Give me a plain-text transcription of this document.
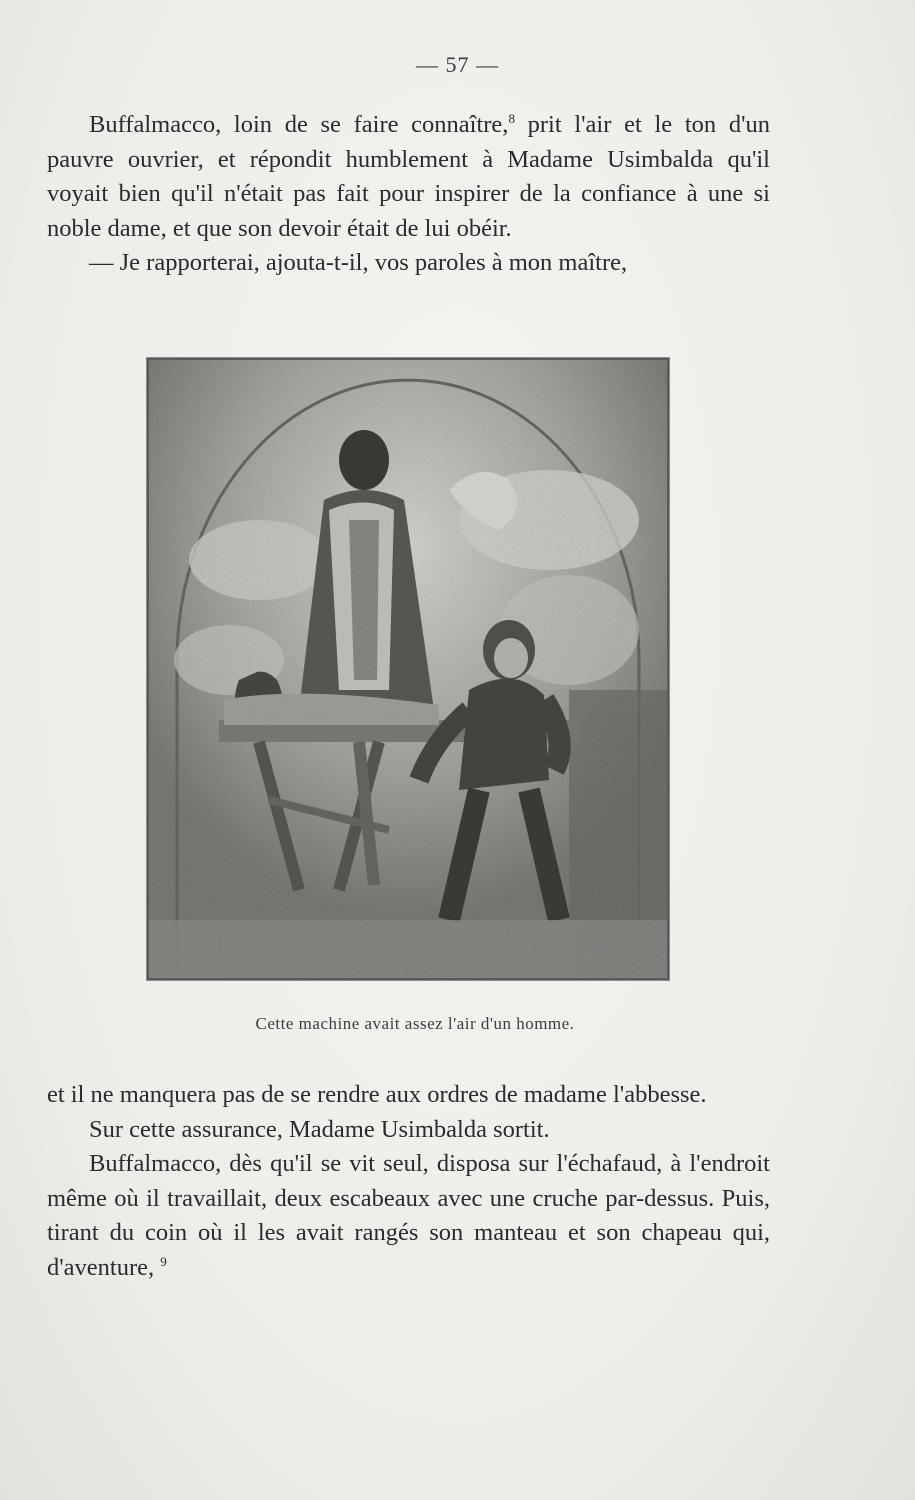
— 57 —

Buffalmacco, loin de se faire connaître,$^8$ prit l'air et le ton d'un pauvre ouvrier, et répondit humblement à Madame Usimbalda qu'il voyait bien qu'il n'était pas fait pour inspirer de la confiance à une si noble dame, et que son devoir était de lui obéir.

— Je rapporterai, ajouta-t-il, vos paroles à mon maître,

Cette machine avait assez l'air d'un homme.

et il ne manquera pas de se rendre aux ordres de madame l'abbesse.

Sur cette assurance, Madame Usimbalda sortit.

Buffalmacco, dès qu'il se vit seul, disposa sur l'échafaud, à l'endroit même où il travaillait, deux escabeaux avec une cruche par-dessus. Puis, tirant du coin où il les avait rangés son manteau et son chapeau qui, d'aventure, $^9$
